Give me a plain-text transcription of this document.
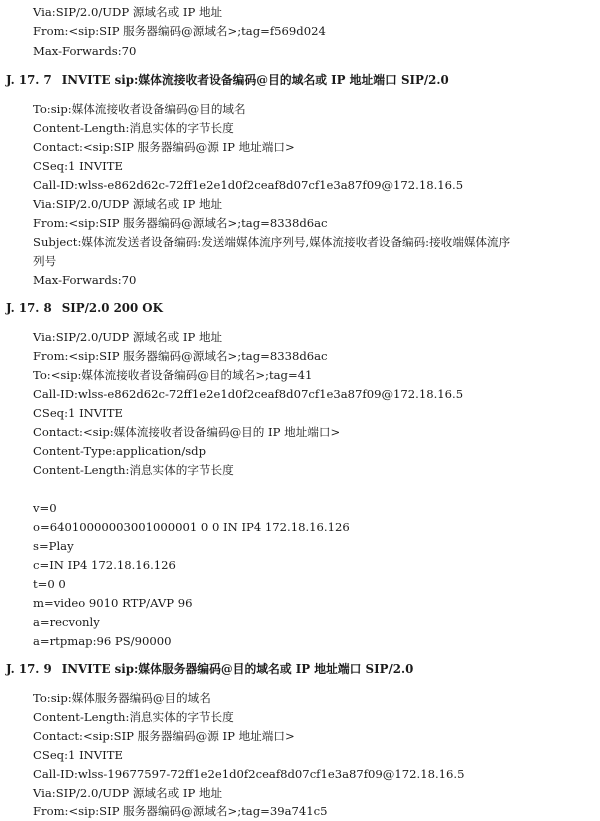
Via:SIP/2.0/UDP 源域名或 IP 地址
From:<sip:SIP 服务器编码@源域名>;tag=f569d024
Max-Forwards:70
J. 17. 7 INVITE sip:媒体流接收者设备编码@目的域名或 IP 地址端口 SIP/2.0
To:sip:媒体流接收者设备编码@目的域名
Content-Length:消息实体的字节长度
Contact:<sip:SIP 服务器编码@源 IP 地址端口>
CSeq:1 INVITE
Call-ID:wlss-e862d62c-72ff1e2e1d0f2ceaf8d07cf1e3a87f09@172.18.16.5
Via:SIP/2.0/UDP 源域名或 IP 地址
From:<sip:SIP 服务器编码@源域名>;tag=8338d6ac
Subject:媒体流发送者设备编码:发送端媒体流序列号,媒体流接收者设备编码:接收端媒体流序
列号
Max-Forwards:70
J. 17. 8 SIP/2.0 200 OK
Via:SIP/2.0/UDP 源域名或 IP 地址
From:<sip:SIP 服务器编码@源域名>;tag=8338d6ac
To:<sip:媒体流接收者设备编码@目的域名>;tag=41
Call-ID:wlss-e862d62c-72ff1e2e1d0f2ceaf8d07cf1e3a87f09@172.18.16.5
CSeq:1 INVITE
Contact:<sip:媒体流接收者设备编码@目的 IP 地址端口>
Content-Type:application/sdp
Content-Length:消息实体的字节长度
v=0
o=64010000003001000001 0 0 IN IP4 172.18.16.126
s=Play
c=IN IP4 172.18.16.126
t=0 0
m=video 9010 RTP/AVP 96
a=recvonly
a=rtpmap:96 PS/90000
J. 17. 9 INVITE sip:媒体服务器编码@目的域名或 IP 地址端口 SIP/2.0
To:sip:媒体服务器编码@目的域名
Content-Length:消息实体的字节长度
Contact:<sip:SIP 服务器编码@源 IP 地址端口>
CSeq:1 INVITE
Call-ID:wlss-19677597-72ff1e2e1d0f2ceaf8d07cf1e3a87f09@172.18.16.5
Via:SIP/2.0/UDP 源域名或 IP 地址
From:<sip:SIP 服务器编码@源域名>;tag=39a741c5
